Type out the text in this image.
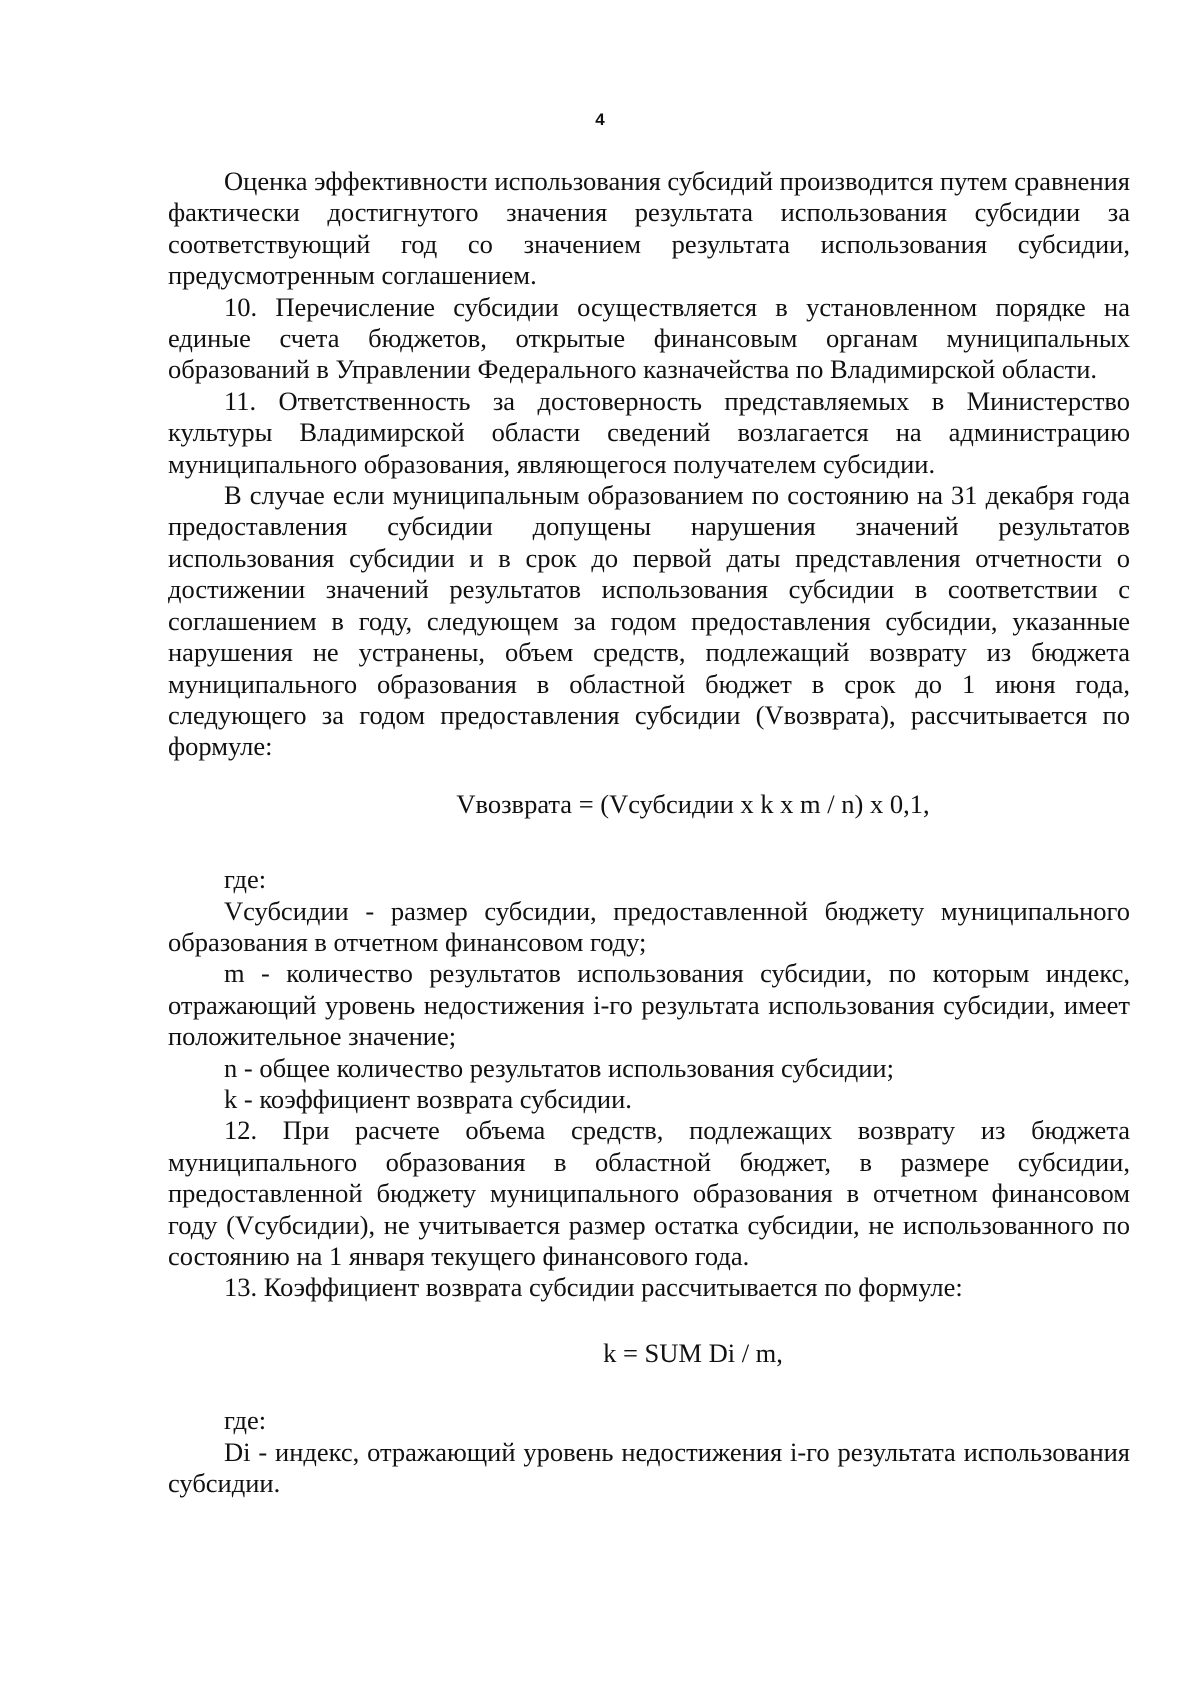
4

Оценка эффективности использования субсидий производится путем сравнения фактически достигнутого значения результата использования субсидии за соответствующий год со значением результата использования субсидии, предусмотренным соглашением.

10. Перечисление субсидии осуществляется в установленном порядке на единые счета бюджетов, открытые финансовым органам муниципальных образований в Управлении Федерального казначейства по Владимирской области.

11. Ответственность за достоверность представляемых в Министерство культуры Владимирской области сведений возлагается на администрацию муниципального образования, являющегося получателем субсидии.

В случае если муниципальным образованием по состоянию на 31 декабря года предоставления субсидии допущены нарушения значений результатов использования субсидии и в срок до первой даты представления отчетности о достижении значений результатов использования субсидии в соответствии с соглашением в году, следующем за годом предоставления субсидии, указанные нарушения не устранены, объем средств, подлежащий возврату из бюджета муниципального образования в областной бюджет в срок до 1 июня года, следующего за годом предоставления субсидии (Vвозврата), рассчитывается по формуле:

Vвозврата = (Vсубсидии x k x m / n) x 0,1,

где:

Vсубсидии - размер субсидии, предоставленной бюджету муниципального образования в отчетном финансовом году;

m - количество результатов использования субсидии, по которым индекс, отражающий уровень недостижения i-го результата использования субсидии, имеет положительное значение;

n - общее количество результатов использования субсидии;

k - коэффициент возврата субсидии.

12. При расчете объема средств, подлежащих возврату из бюджета муниципального образования в областной бюджет, в размере субсидии, предоставленной бюджету муниципального образования в отчетном финансовом году (Vсубсидии), не учитывается размер остатка субсидии, не использованного по состоянию на 1 января текущего финансового года.

13. Коэффициент возврата субсидии рассчитывается по формуле:

k = SUM Di / m,

где:

Di - индекс, отражающий уровень недостижения i-го результата использования субсидии.
